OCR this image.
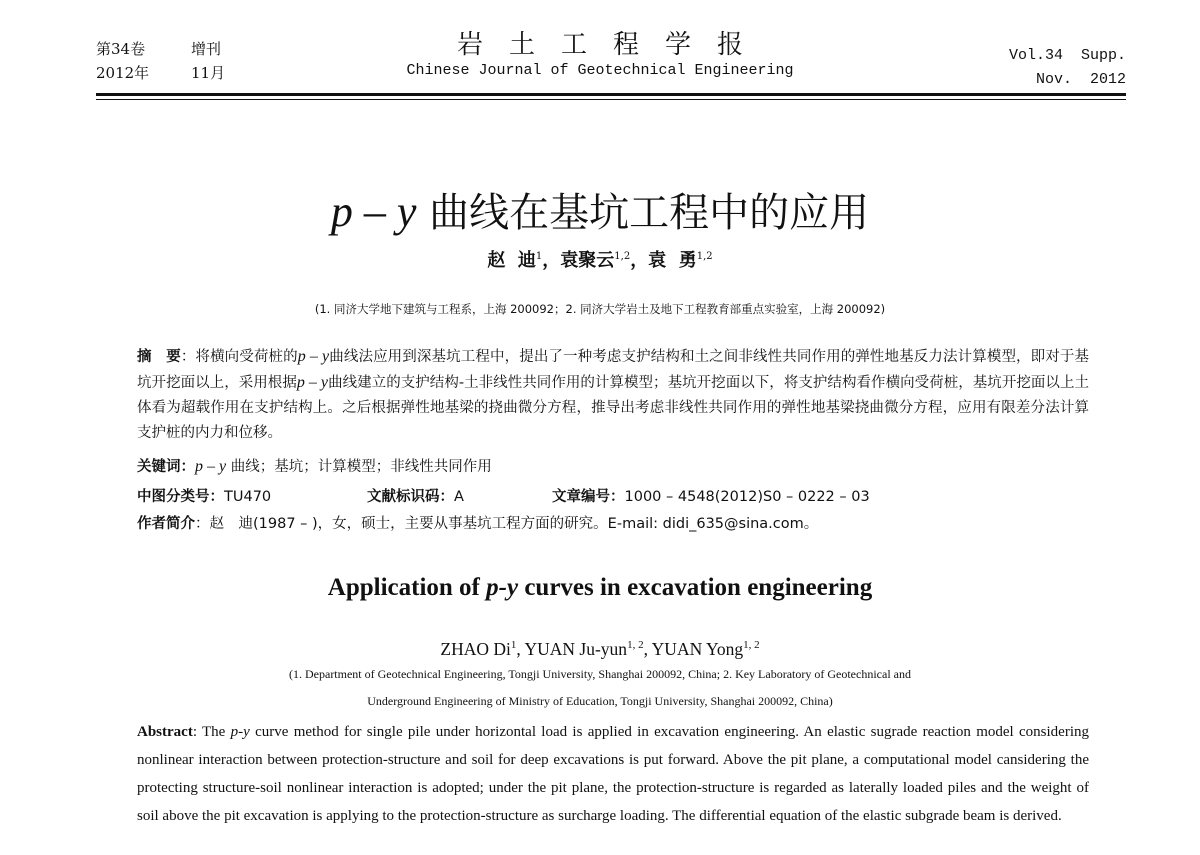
第34卷	增刊
2012年	11月
岩土工程学报
Chinese Journal of Geotechnical Engineering
Vol.34  Supp.
Nov.  2012
p – y 曲线在基坑工程中的应用
赵  迪$^1$，袁聚云$^{1,2}$，袁  勇$^{1,2}$
(1. 同济大学地下建筑与工程系，上海 200092；2. 同济大学岩土及地下工程教育部重点实验室，上海 200092)
摘　要：将横向受荷桩的p – y曲线法应用到深基坑工程中，提出了一种考虑支护结构和土之间非线性共同作用的弹性地基反力法计算模型，即对于基坑开挖面以上，采用根据p – y曲线建立的支护结构-土非线性共同作用的计算模型；基坑开挖面以下，将支护结构看作横向受荷桩，基坑开挖面以上土体看为超载作用在支护结构上。之后根据弹性地基梁的挠曲微分方程，推导出考虑非线性共同作用的弹性地基梁挠曲微分方程，应用有限差分法计算支护桩的内力和位移。
关键词：p – y 曲线；基坑；计算模型；非线性共同作用
中图分类号：TU470	文献标识码：A	文章编号：1000 – 4548(2012)S0 – 0222 – 03
作者简介：赵　迪(1987 – )，女，硕士，主要从事基坑工程方面的研究。E-mail: didi_635@sina.com。
Application of p-y curves in excavation engineering
ZHAO Di$^1$, YUAN Ju-yun$^{1, 2}$, YUAN Yong$^{1, 2}$
(1. Department of Geotechnical Engineering, Tongji University, Shanghai 200092, China; 2. Key Laboratory of Geotechnical and
Underground Engineering of Ministry of Education, Tongji University, Shanghai 200092, China)
Abstract: The p-y curve method for single pile under horizontal load is applied in excavation engineering. An elastic sugrade reaction model considering nonlinear interaction between protection-structure and soil for deep excavations is put forward. Above the pit plane, a computational model cansidering the protecting structure-soil nonlinear interaction is adopted; under the pit plane, the protection-structure is regarded as laterally loaded piles and the weight of soil above the pit excavation is applying to the protection-structure as surcharge loading. The differential equation of the elastic subgrade beam is derived.
